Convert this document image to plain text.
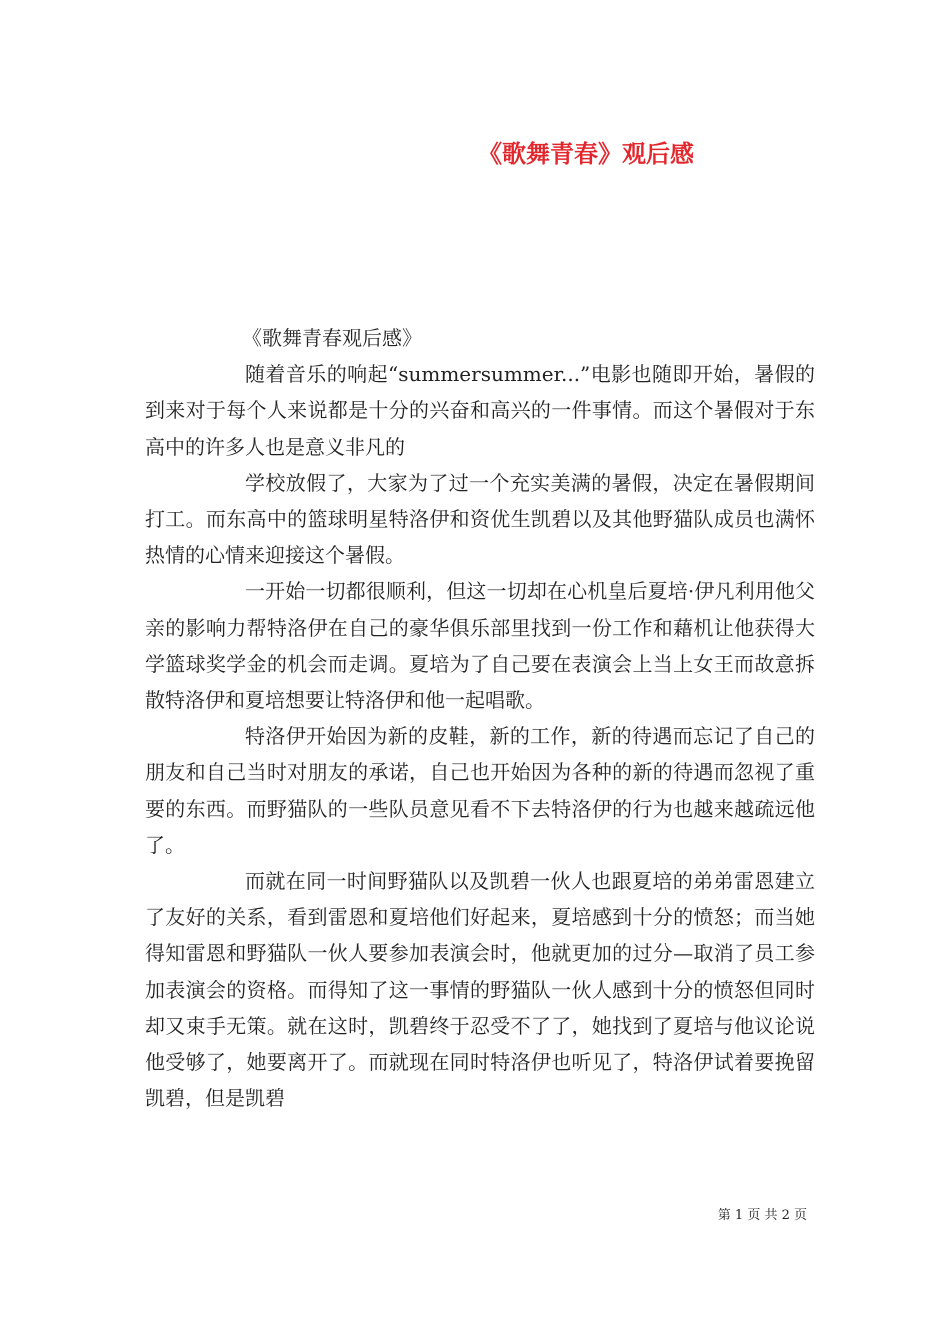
《歌舞青春》观后感

《歌舞青春观后感》

随着音乐的响起“summersummer...”电影也随即开始，暑假的到来对于每个人来说都是十分的兴奋和高兴的一件事情。而这个暑假对于东高中的许多人也是意义非凡的

学校放假了，大家为了过一个充实美满的暑假，决定在暑假期间打工。而东高中的篮球明星特洛伊和资优生凯碧以及其他野猫队成员也满怀热情的心情来迎接这个暑假。

一开始一切都很顺利，但这一切却在心机皇后夏培·伊凡利用他父亲的影响力帮特洛伊在自己的豪华俱乐部里找到一份工作和藉机让他获得大学篮球奖学金的机会而走调。夏培为了自己要在表演会上当上女王而故意拆散特洛伊和夏培想要让特洛伊和他一起唱歌。

特洛伊开始因为新的皮鞋，新的工作，新的待遇而忘记了自己的朋友和自己当时对朋友的承诺，自己也开始因为各种的新的待遇而忽视了重要的东西。而野猫队的一些队员意见看不下去特洛伊的行为也越来越疏远他了。

而就在同一时间野猫队以及凯碧一伙人也跟夏培的弟弟雷恩建立了友好的关系，看到雷恩和夏培他们好起来，夏培感到十分的愤怒；而当她得知雷恩和野猫队一伙人要参加表演会时，他就更加的过分—取消了员工参加表演会的资格。而得知了这一事情的野猫队一伙人感到十分的愤怒但同时却又束手无策。就在这时，凯碧终于忍受不了了，她找到了夏培与他议论说他受够了，她要离开了。而就现在同时特洛伊也听见了，特洛伊试着要挽留凯碧，但是凯碧

第 1 页 共 2 页
